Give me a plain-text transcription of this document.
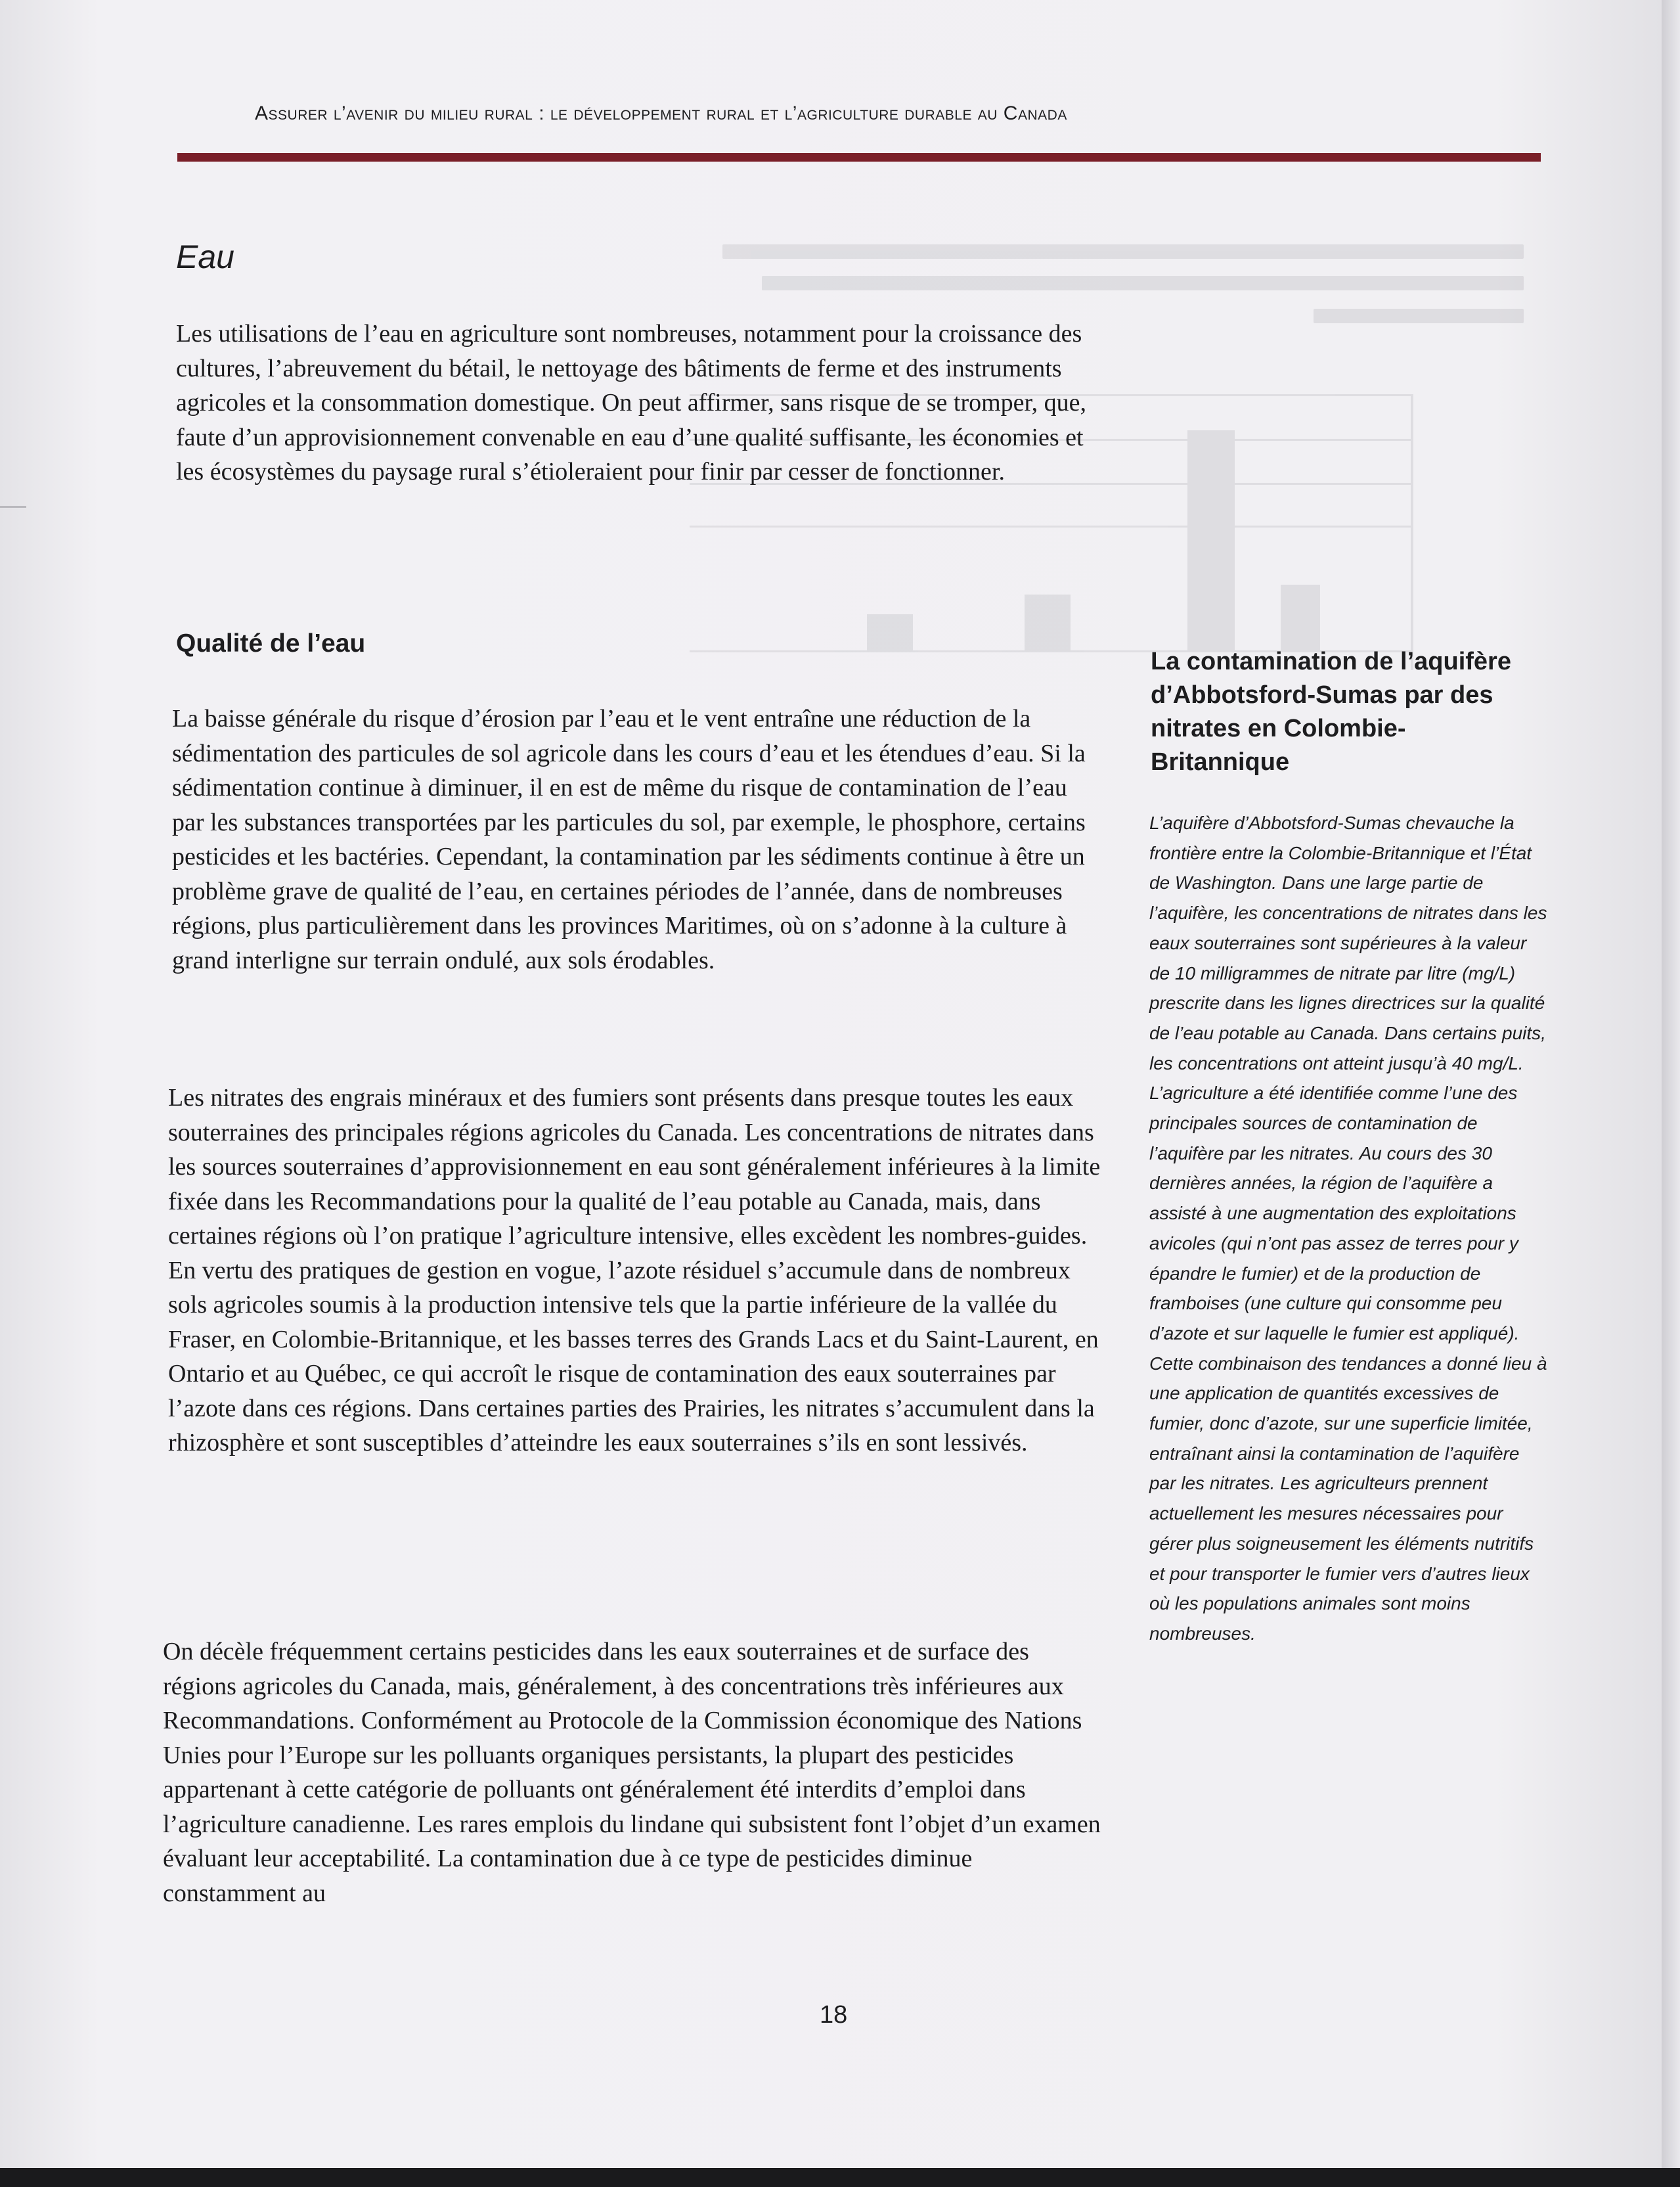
Assurer l’avenir du milieu rural : le développement rural et l’agriculture durable au Canada
Eau

Les utilisations de l’eau en agriculture sont nombreuses, notamment pour la croissance des cultures, l’abreuvement du bétail, le nettoyage des bâtiments de ferme et des instruments agricoles et la consommation domestique. On peut affirmer, sans risque de se tromper, que, faute d’un approvisionnement convenable en eau d’une qualité suffisante, les économies et les écosystèmes du paysage rural s’étioleraient pour finir par cesser de fonctionner.

Qualité de l’eau

La baisse générale du risque d’érosion par l’eau et le vent entraîne une réduction de la sédimentation des particules de sol agricole dans les cours d’eau et les étendues d’eau. Si la sédimentation continue à diminuer, il en est de même du risque de contamination de l’eau par les substances transportées par les particules du sol, par exemple, le phosphore, certains pesticides et les bactéries. Cependant, la contamination par les sédiments continue à être un problème grave de qualité de l’eau, en certaines périodes de l’année, dans de nombreuses régions, plus particulièrement dans les provinces Maritimes, où on s’adonne à la culture à grand interligne sur terrain ondulé, aux sols érodables.

Les nitrates des engrais minéraux et des fumiers sont présents dans presque toutes les eaux souterraines des principales régions agricoles du Canada. Les concentrations de nitrates dans les sources souterraines d’approvisionnement en eau sont généralement inférieures à la limite fixée dans les Recommandations pour la qualité de l’eau potable au Canada, mais, dans certaines régions où l’on pratique l’agriculture intensive, elles excèdent les nombres-guides. En vertu des pratiques de gestion en vogue, l’azote résiduel s’accumule dans de nombreux sols agricoles soumis à la production intensive tels que la partie inférieure de la vallée du Fraser, en Colombie-Britannique, et les basses terres des Grands Lacs et du Saint-Laurent, en Ontario et au Québec, ce qui accroît le risque de contamination des eaux souterraines par l’azote dans ces régions. Dans certaines parties des Prairies, les nitrates s’accumulent dans la rhizosphère et sont susceptibles d’atteindre les eaux souterraines s’ils en sont lessivés.

On décèle fréquemment certains pesticides dans les eaux souterraines et de surface des régions agricoles du Canada, mais, généralement, à des concentrations très inférieures aux Recommandations. Conformément au Protocole de la Commission économique des Nations Unies pour l’Europe sur les polluants organiques persistants, la plupart des pesticides appartenant à cette catégorie de polluants ont généralement été interdits d’emploi dans l’agriculture canadienne. Les rares emplois du lindane qui subsistent font l’objet d’un examen évaluant leur acceptabilité. La contamination due à ce type de pesticides diminue constamment au

La contamination de l’aquifère d’Abbotsford-Sumas par des nitrates en Colombie-Britannique

L’aquifère d’Abbotsford-Sumas chevauche la frontière entre la Colombie-Britannique et l’État de Washington. Dans une large partie de l’aquifère, les concentrations de nitrates dans les eaux souterraines sont supérieures à la valeur de 10 milligrammes de nitrate par litre (mg/L) prescrite dans les lignes directrices sur la qualité de l’eau potable au Canada. Dans certains puits, les concentrations ont atteint jusqu’à 40 mg/L. L’agriculture a été identifiée comme l’une des principales sources de contamination de l’aquifère par les nitrates. Au cours des 30 dernières années, la région de l’aquifère a assisté à une augmentation des exploitations avicoles (qui n’ont pas assez de terres pour y épandre le fumier) et de la production de framboises (une culture qui consomme peu d’azote et sur laquelle le fumier est appliqué). Cette combinaison des tendances a donné lieu à une application de quantités excessives de fumier, donc d’azote, sur une superficie limitée, entraînant ainsi la contamination de l’aquifère par les nitrates. Les agriculteurs prennent actuellement les mesures nécessaires pour gérer plus soigneusement les éléments nutritifs et pour transporter le fumier vers d’autres lieux où les populations animales sont moins nombreuses.

18
